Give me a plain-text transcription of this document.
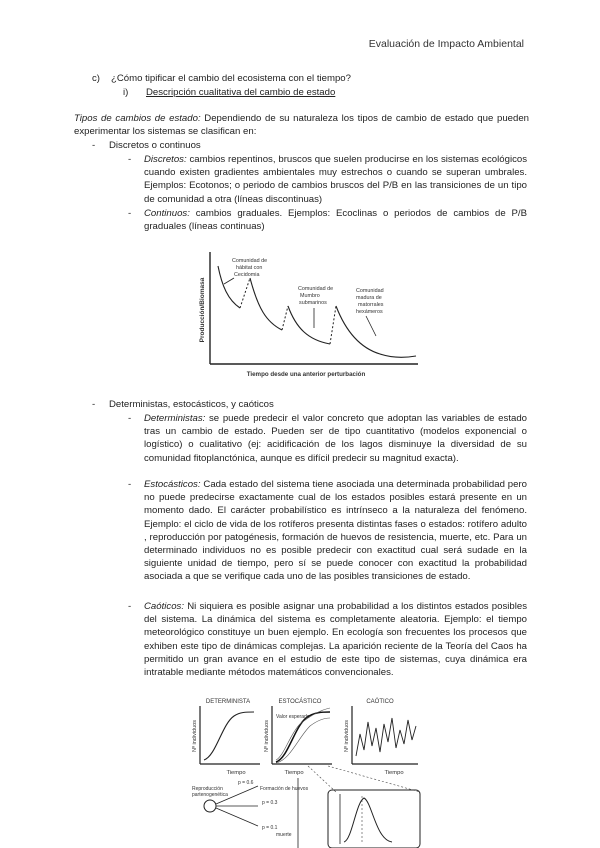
Evaluación de Impacto Ambiental
c) ¿Cómo tipificar el cambio del ecosistema con el tiempo?
i) Descripción cualitativa del cambio de estado
Tipos de cambios de estado: Dependiendo de su naturaleza los tipos de cambio de estado que pueden experimentar los sistemas se clasifican en:
- Discretos o continuos
- Discretos: cambios repentinos, bruscos que suelen producirse en los sistemas ecológicos cuando existen gradientes ambientales muy estrechos o cuando se superan umbrales. Ejemplos: Ecotonos; o periodo de cambios bruscos del P/B en las transiciones de un tipo de comunidad a otra (líneas discontinuas)
- Continuos: cambios graduales. Ejemplos: Ecoclinas o periodos de cambios de P/B graduales (líneas continuas)
Producción/Biomasa
Tiempo desde una anterior perturbación
Comunidad de
hábitat con
Cecidomia
Comunidad de
Mumbro
submarinos
Comunidad
madura de
matorrales
hexámeros
- Deterministas, estocásticos, y caóticos
- Deterministas: se puede predecir el valor concreto que adoptan las variables de estado tras un cambio de estado. Pueden ser de tipo cuantitativo (modelos exponencial o logístico) o cualitativo (ej: acidificación de los lagos disminuye la diversidad de su comunidad fitoplanctónica, aunque es difícil predecir su magnitud exacta).
- Estocásticos: Cada estado del sistema tiene asociada una determinada probabilidad pero no puede predecirse exactamente cual de los estados posibles estará presente en un momento dado. El carácter probabilístico es intrínseco a la naturaleza del fenómeno. Ejemplo: el ciclo de vida de los rotíferos presenta distintas fases o estados: rotífero adulto , reproducción por patogénesis, formación de huevos de resistencia, muerte, etc. Para un determinado individuos no es posible predecir con exactitud cual será sudade en la siguiente unidad de tiempo, pero sí se puede conocer con exactitud la probabilidad asociada a que se verifique cada uno de las posibles transiciones de estado.
- Caóticos: Ni siquiera es posible asignar una probabilidad a los distintos estados posibles del sistema. La dinámica del sistema es completamente aleatoria. Ejemplo: el tiempo meteorológico constituye un buen ejemplo. En ecología son frecuentes los procesos que exhiben este tipo de dinámicas complejas. La aparición reciente de la Teoría del Caos ha permitido un gran avance en el estudio de este tipo de sistemas, cuya dinámica era intratable mediante métodos matemáticos convencionales.
DETERMINISTA
Nº individuos
Tiempo
ESTOCÁSTICO
Nº individuos
Tiempo
Valor esperado
CAÓTICO
Nº individuos
Tiempo
Reproducción
partenogenética
p = 0.6
p = 0.3
p = 0.1
Formación de huevos
muerte
